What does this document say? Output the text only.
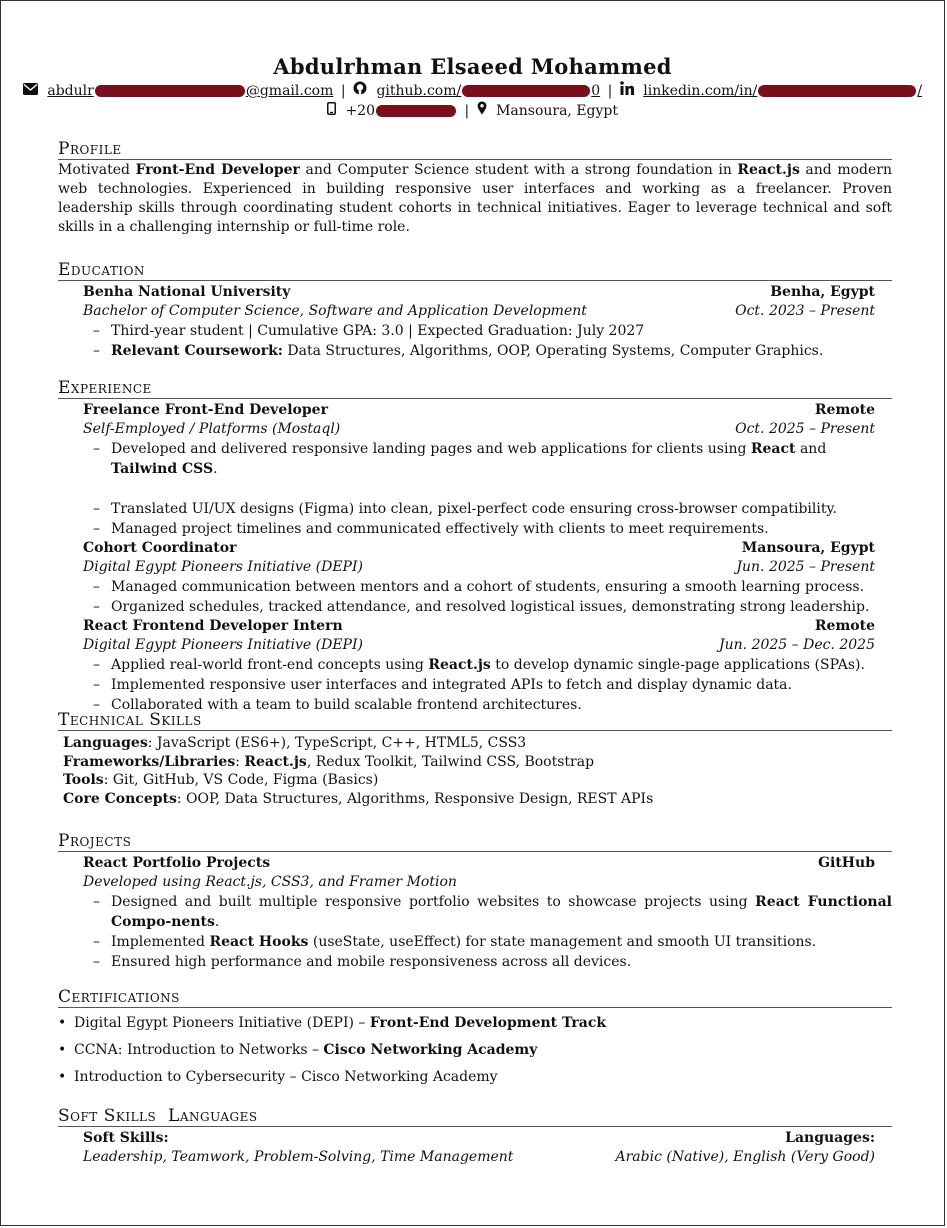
Abdulrhman Elsaeed Mohammed
abdulr	@gmail.com | github.com/	0 | linkedin.com/in/	/
+20	| Mansoura, Egypt
Profile
Motivated Front-End Developer and Computer Science student with a strong foundation in React.js and modern web technologies. Experienced in building responsive user interfaces and working as a freelancer. Proven leadership skills through coordinating student cohorts in technical initiatives. Eager to leverage technical and soft skills in a challenging internship or full-time role.
Education
Benha National University	Benha, Egypt
Bachelor of Computer Science, Software and Application Development	Oct. 2023 – Present
– Third-year student | Cumulative GPA: 3.0 | Expected Graduation: July 2027
– Relevant Coursework: Data Structures, Algorithms, OOP, Operating Systems, Computer Graphics.
Experience
Freelance Front-End Developer	Remote
Self-Employed / Platforms (Mostaql)	Oct. 2025 – Present
– Developed and delivered responsive landing pages and web applications for clients using React and Tailwind CSS.
– Translated UI/UX designs (Figma) into clean, pixel-perfect code ensuring cross-browser compatibility.
– Managed project timelines and communicated effectively with clients to meet requirements.
Cohort Coordinator	Mansoura, Egypt
Digital Egypt Pioneers Initiative (DEPI)	Jun. 2025 – Present
– Managed communication between mentors and a cohort of students, ensuring a smooth learning process.
– Organized schedules, tracked attendance, and resolved logistical issues, demonstrating strong leadership.
React Frontend Developer Intern	Remote
Digital Egypt Pioneers Initiative (DEPI)	Jun. 2025 – Dec. 2025
– Applied real-world front-end concepts using React.js to develop dynamic single-page applications (SPAs).
– Implemented responsive user interfaces and integrated APIs to fetch and display dynamic data.
– Collaborated with a team to build scalable frontend architectures.
Technical Skills
Languages: JavaScript (ES6+), TypeScript, C++, HTML5, CSS3
Frameworks/Libraries: React.js, Redux Toolkit, Tailwind CSS, Bootstrap
Tools: Git, GitHub, VS Code, Figma (Basics)
Core Concepts: OOP, Data Structures, Algorithms, Responsive Design, REST APIs
Projects
React Portfolio Projects	GitHub
Developed using React.js, CSS3, and Framer Motion
– Designed and built multiple responsive portfolio websites to showcase projects using React Functional Compo-nents.
– Implemented React Hooks (useState, useEffect) for state management and smooth UI transitions.
– Ensured high performance and mobile responsiveness across all devices.
Certifications
• Digital Egypt Pioneers Initiative (DEPI) – Front-End Development Track
• CCNA: Introduction to Networks – Cisco Networking Academy
• Introduction to Cybersecurity – Cisco Networking Academy
Soft Skills  Languages
Soft Skills:	Languages:
Leadership, Teamwork, Problem-Solving, Time Management	Arabic (Native), English (Very Good)
